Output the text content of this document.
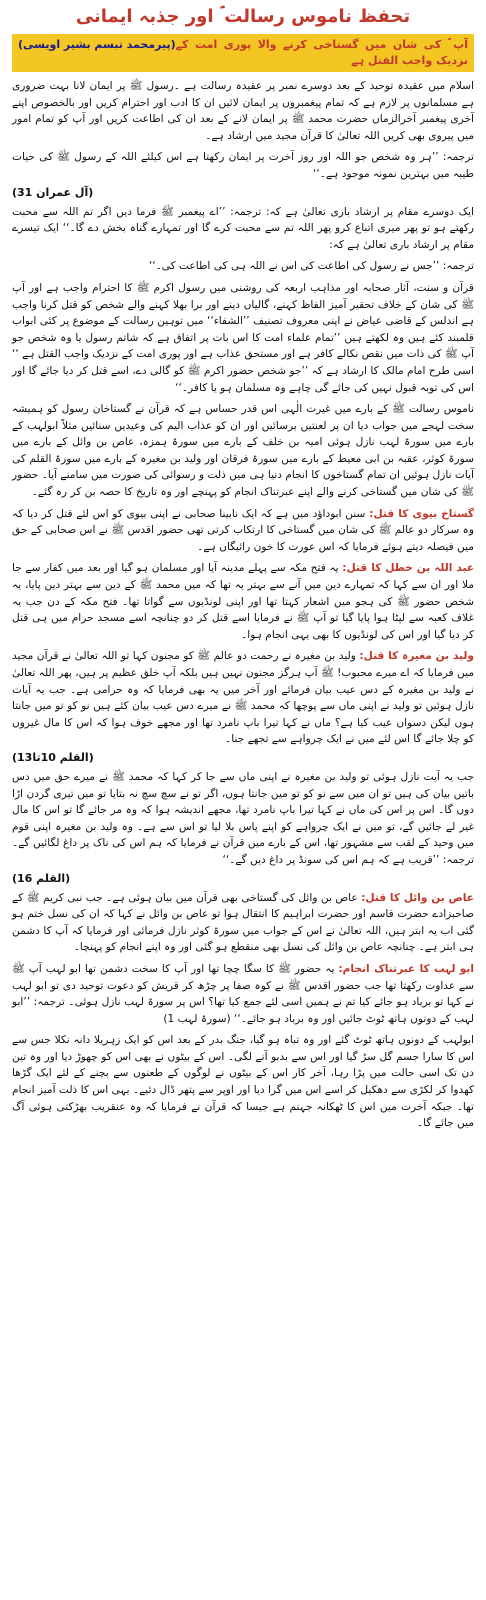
تحفظ ناموس رسالت ؐ اور جذبہ ایمانی
آپ ؐ کی شان میں گستاخی کرنے والا پوری امت کے نزدیک واجب القتل ہے
(پیرمحمد تبسم بشیر اویسی)

اسلام میں عقیدہ توحید کے بعد دوسرے نمبر پر عقیدہ رسالت ہے ۔رسول ﷺ پر ایمان لانا بہت ضروری ہے مسلمانوں پر لازم ہے کہ تمام پیغمبروں پر ایمان لائیں ان کا ادب اور احترام کریں اور بالخصوص اپنے آخری پیغمبر آخرالزماں حضرت محمد ﷺ پر ایمان لانے کے بعد ان کی اطاعت کریں اور آپ کو تمام امور میں پیروی بھی کریں اللہ تعالیٰ کا قرآن مجید میں ارشاد ہے۔

ترجمہ: ’’ہر وہ شخص جو اللہ اور روز آخرت پر ایمان رکھتا ہے اس کیلئے اللہ کے رسول ﷺ کی حیات طیبہ میں بہترین نمونہ موجود ہے۔‘‘

(آل عمران 31)

ایک دوسرے مقام پر ارشاد باری تعالیٰ ہے کہ: ترجمہ: ’’اے پیغمبر ﷺ فرما دیں اگر تم اللہ سے محبت رکھتے ہو تو پھر میری اتباع کرو پھر اللہ تم سے محبت کرے گا اور تمہارے گناہ بخش دے گا۔‘‘ ایک تیسرے مقام پر ارشاد باری تعالیٰ ہے کہ:

ترجمہ: ’’جس نے رسول کی اطاعت کی اس نے اللہ ہی کی اطاعت کی۔‘‘

قرآن و سنت، آثار صحابہ اور مذاہب اربعہ کی روشنی میں رسول اکرم ﷺ کا احترام واجب ہے اور آپ ﷺ کی شان کے خلاف تحقیر آمیز الفاظ کہنے، گالیاں دینے اور برا بھلا کہنے والے شخص کو قتل کرنا واجب ہے اندلس کے قاضی عیاض نے اپنی معروف تصنیف ’’الشفاء‘‘ میں توہین رسالت کے موضوع پر کئی ابواب قلمبند کئے ہیں وہ لکھتے ہیں ’’تمام علماء امت کا اس بات پر اتفاق ہے کہ شاتم رسول یا وہ شخص جو آپ ﷺ کی ذات میں نقص نکالے کافر ہے اور مستحق عذاب ہے اور پوری امت کے نزدیک واجب القتل ہے ‘‘ اسی طرح امام مالک کا ارشاد ہے کہ ’’جو شخص حضور اکرم ﷺ کو گالی دے، اسے قتل کر دیا جائے گا اور اس کی توبہ قبول نہیں کی جائے گی چاہے وہ مسلمان ہو یا کافر۔‘‘

ناموس رسالت ﷺ کے بارے میں غیرت الٰہی اس قدر حساس ہے کہ قرآن نے گستاخان رسول کو ہمیشہ سخت لہجے میں جواب دیا ان پر لعنتیں برسائیں اور ان کو عذاب الیم کی وعیدیں سنائیں مثلاً ابولہب کے بارے میں سورۃ لہب نازل ہوئی امیہ بن خلف کے بارے میں سورۃ ہمزہ، عاص بن وائل کے بارے میں سورۃ کوثر، عقبہ بن ابی معیط کے بارے میں سورۃ فرقان اور ولید بن مغیرہ کے بارے میں سورۃ القلم کی آیات نازل ہوئیں ان تمام گستاخوں کا انجام دنیا ہی میں ذلت و رسوائی کی صورت میں سامنے آیا۔ حضور ﷺ کی شان میں گستاخی کرنے والے اپنے عبرتناک انجام کو پہنچے اور وہ تاریخ کا حصہ بن کر رہ گئے۔

گستاخ بیوی کا قتل: سنن ابوداؤد میں ہے کہ ایک نابینا صحابی نے اپنی بیوی کو اس لئے قتل کر دیا کہ وہ سرکار دو عالم ﷺ کی شان میں گستاخی کا ارتکاب کرتی تھی حضور اقدس ﷺ نے اس صحابی کے حق میں فیصلہ دیتے ہوئے فرمایا کہ اس عورت کا خون رائیگاں ہے۔

عبد اللہ بن خطل کا قتل: یہ فتح مکہ سے پہلے مدینہ آیا اور مسلمان ہو گیا اور بعد میں کفار سے جا ملا اور ان سے کہا کہ تمہارے دین میں آنے سے بہتر یہ تھا کہ میں محمد ﷺ کے دین سے بہتر دین پایا، یہ شخص حضور ﷺ کی ہجو میں اشعار کہتا تھا اور اپنی لونڈیوں سے گواتا تھا۔ فتح مکہ کے دن جب یہ غلاف کعبہ سے لپٹا ہوا پایا گیا تو آپ ﷺ نے فرمایا اسے قتل کر دو چنانچہ اسے مسجد حرام میں ہی قتل کر دیا گیا اور اس کی لونڈیوں کا بھی یہی انجام ہوا۔

ولید بن مغیرہ کا قتل: ولید بن مغیرہ نے رحمت دو عالم ﷺ کو مجنون کہا تو اللہ تعالیٰ نے قرآن مجید میں فرمایا کہ اے میرے محبوب! ﷺ آپ ہرگز مجنون نہیں ہیں بلکہ آپ خلق عظیم پر ہیں، پھر اللہ تعالیٰ نے ولید بن مغیرہ کے دس عیب بیان فرمائے اور آخر میں یہ بھی فرمایا کہ وہ حرامی ہے۔ جب یہ آیات نازل ہوئیں تو ولید نے اپنی ماں سے پوچھا کہ محمد ﷺ نے میرے دس عیب بیان کئے ہیں نو کو تو میں جانتا ہوں لیکن دسواں عیب کیا ہے؟ ماں نے کہا تیرا باپ نامرد تھا اور مجھے خوف ہوا کہ اس کا مال غیروں کو چلا جائے گا اس لئے میں نے ایک چرواہے سے تجھے جنا۔

(القلم 10تا13)

جب یہ آیت نازل ہوئی تو ولید بن مغیرہ نے اپنی ماں سے جا کر کہا کہ محمد ﷺ نے میرے حق میں دس باتیں بیان کی ہیں تو ان میں سے نو کو تو میں جانتا ہوں، اگر تو نے سچ سچ نہ بتایا تو میں تیری گردن اڑا دوں گا۔ اس پر اس کی ماں نے کہا تیرا باپ نامرد تھا، مجھے اندیشہ ہوا کہ وہ مر جائے گا تو اس کا مال غیر لے جائیں گے، تو میں نے ایک چرواہے کو اپنے پاس بلا لیا تو اس سے ہے۔ وہ ولید بن مغیرہ اپنی قوم میں وحید کے لقب سے مشہور تھا، اس کے بارے میں قرآن نے فرمایا کہ ہم اس کی ناک پر داغ لگائیں گے۔ ترجمہ: ’’قریب ہے کہ ہم اس کی سونڈ پر داغ دیں گے۔‘‘

(القلم 16)

عاص بن وائل کا قتل: عاص بن وائل کی گستاخی بھی قرآن میں بیان ہوئی ہے۔ جب نبی کریم ﷺ کے صاحبزادے حضرت قاسم اور حضرت ابراہیم کا انتقال ہوا تو عاص بن وائل نے کہا کہ ان کی نسل ختم ہو گئی اب یہ ابتر ہیں، اللہ تعالیٰ نے اس کے جواب میں سورۃ کوثر نازل فرمائی اور فرمایا کہ آپ کا دشمن ہی ابتر ہے۔ چنانچہ عاص بن وائل کی نسل بھی منقطع ہو گئی اور وہ اپنے انجام کو پہنچا۔

ابو لہب کا عبرتناک انجام: یہ حضور ﷺ کا سگا چچا تھا اور آپ کا سخت دشمن تھا ابو لہب آپ ﷺ سے عداوت رکھتا تھا جب حضور اقدس ﷺ نے کوہ صفا پر چڑھ کر قریش کو دعوت توحید دی تو ابو لہب نے کہا تو برباد ہو جائے کیا تم نے ہمیں اسی لئے جمع کیا تھا؟ اس پر سورۃ لہب نازل ہوئی۔ ترجمہ: ’’ابو لہب کے دونوں ہاتھ ٹوٹ جائیں اور وہ برباد ہو جائے۔‘‘ (سورۃ لہب 1)

ابولہب کے دونوں ہاتھ ٹوٹ گئے اور وہ تباہ ہو گیا، جنگ بدر کے بعد اس کو ایک زہریلا دانہ نکلا جس سے اس کا سارا جسم گل سڑ گیا اور اس سے بدبو آنے لگی۔ اس کے بیٹوں نے بھی اس کو چھوڑ دیا اور وہ تین دن تک اسی حالت میں پڑا رہا، آخر کار اس کے بیٹوں نے لوگوں کے طعنوں سے بچنے کے لئے ایک گڑھا کھدوا کر لکڑی سے دھکیل کر اسے اس میں گرا دیا اور اوپر سے پتھر ڈال دئیے۔ یہی اس کا ذلت آمیز انجام تھا۔ جبکہ آخرت میں اس کا ٹھکانہ جہنم ہے جیسا کہ قرآن نے فرمایا کہ وہ عنقریب بھڑکتی ہوئی آگ میں جائے گا۔
